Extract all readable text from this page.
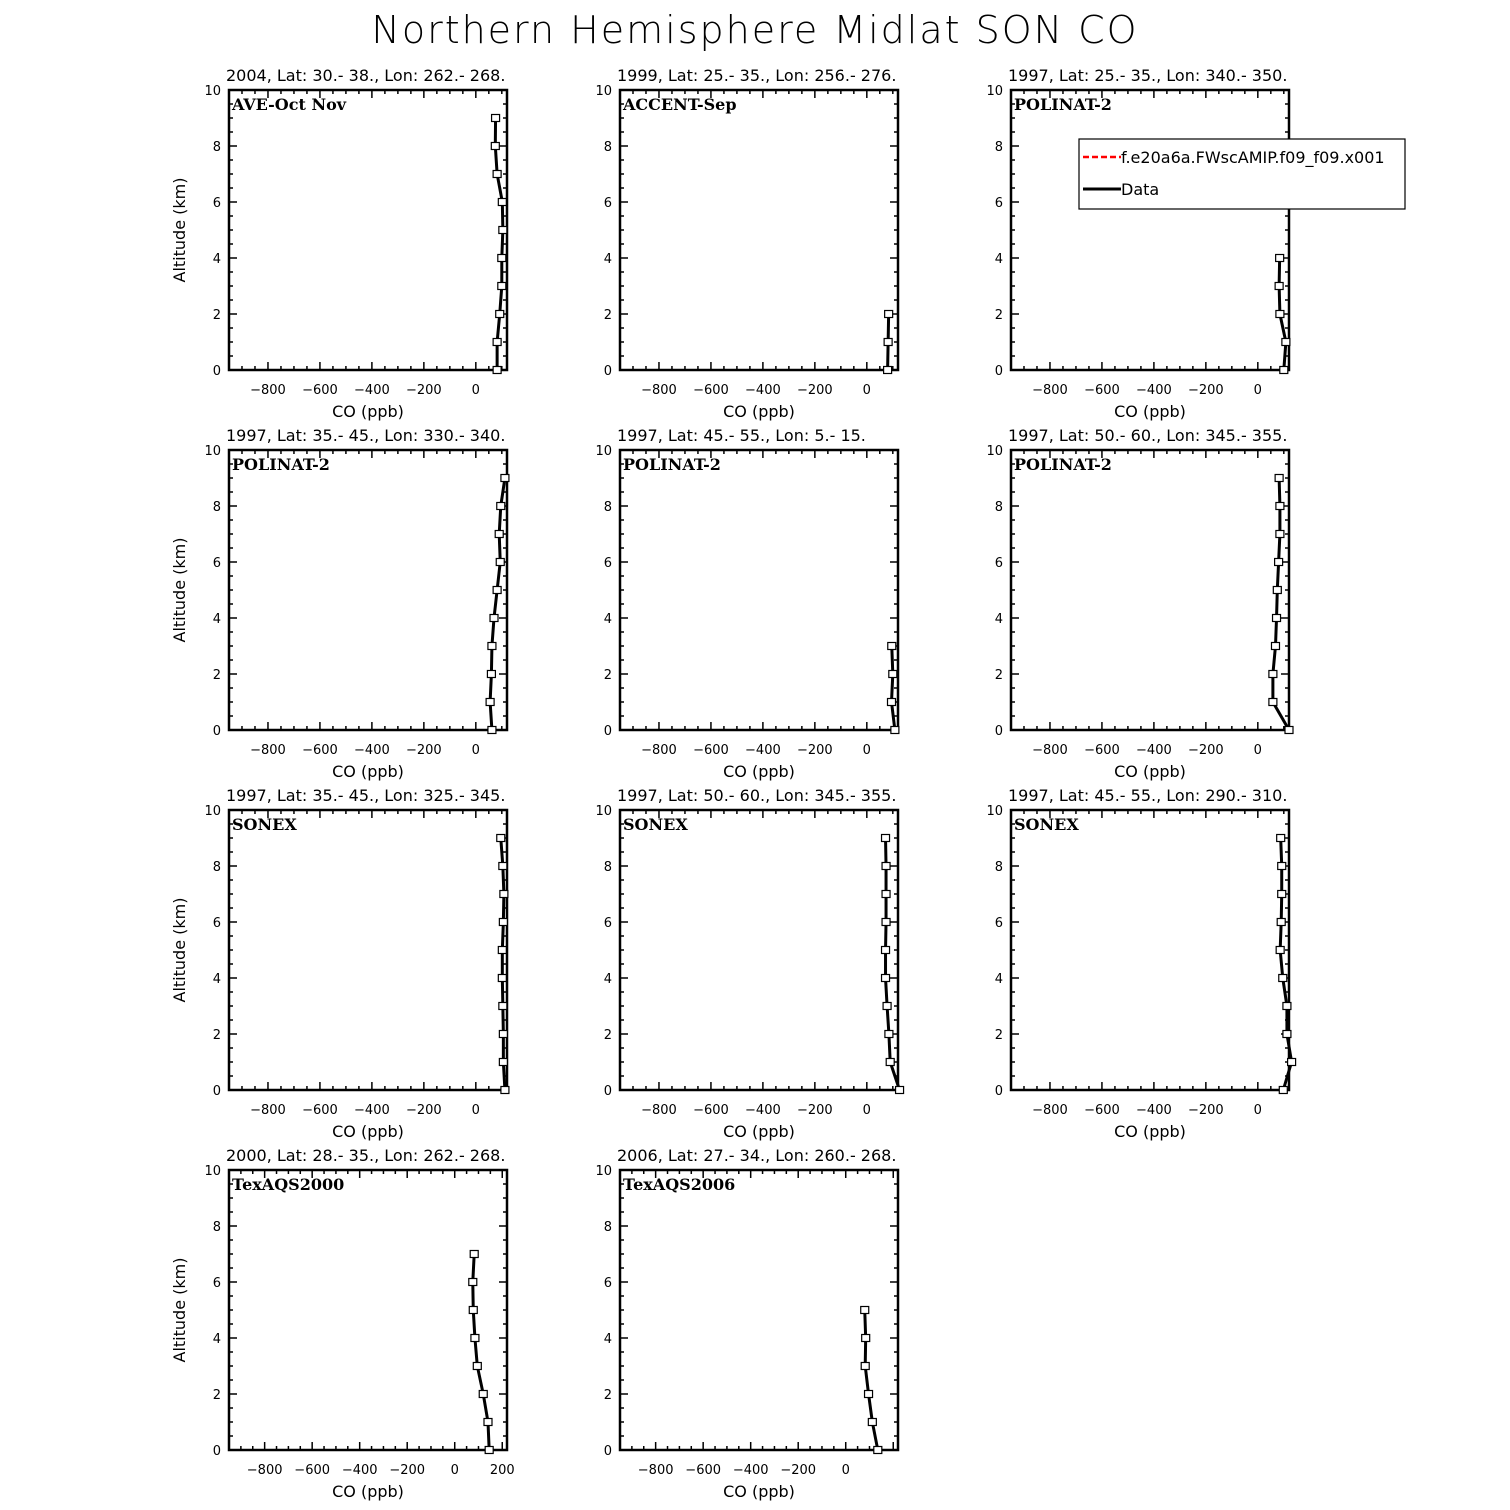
Northern Hemisphere Midlat SON CO
0
2
4
6
8
10
−800 −600 −400 −200 0
CO (ppb)
Altitude (km)
2004, Lat: 30.- 38., Lon: 262.- 268.
AVE-Oct Nov
0
2
4
6
8
10
−800 −600 −400 −200 0
CO (ppb)
1999, Lat: 25.- 35., Lon: 256.- 276.
ACCENT-Sep
0
2
4
6
8
10
−800 −600 −400 −200 0
CO (ppb)
1997, Lat: 25.- 35., Lon: 340.- 350.
POLINAT-2
0
2
4
6
8
10
−800 −600 −400 −200 0
CO (ppb)
Altitude (km)
1997, Lat: 35.- 45., Lon: 330.- 340.
POLINAT-2
0
2
4
6
8
10
−800 −600 −400 −200 0
CO (ppb)
1997, Lat: 45.- 55., Lon: 5.- 15.
POLINAT-2
0
2
4
6
8
10
−800 −600 −400 −200 0
CO (ppb)
1997, Lat: 50.- 60., Lon: 345.- 355.
POLINAT-2
0
2
4
6
8
10
−800 −600 −400 −200 0
CO (ppb)
Altitude (km)
1997, Lat: 35.- 45., Lon: 325.- 345.
SONEX
0
2
4
6
8
10
−800 −600 −400 −200 0
CO (ppb)
1997, Lat: 50.- 60., Lon: 345.- 355.
SONEX
0
2
4
6
8
10
−800 −600 −400 −200 0
CO (ppb)
1997, Lat: 45.- 55., Lon: 290.- 310.
SONEX
0
2
4
6
8
10
−800 −600 −400 −200 0 200
CO (ppb)
Altitude (km)
2000, Lat: 28.- 35., Lon: 262.- 268.
TexAQS2000
0
2
4
6
8
10
−800 −600 −400 −200 0
CO (ppb)
2006, Lat: 27.- 34., Lon: 260.- 268.
TexAQS2006
f.e20a6a.FWscAMIP.f09_f09.x001
Data
